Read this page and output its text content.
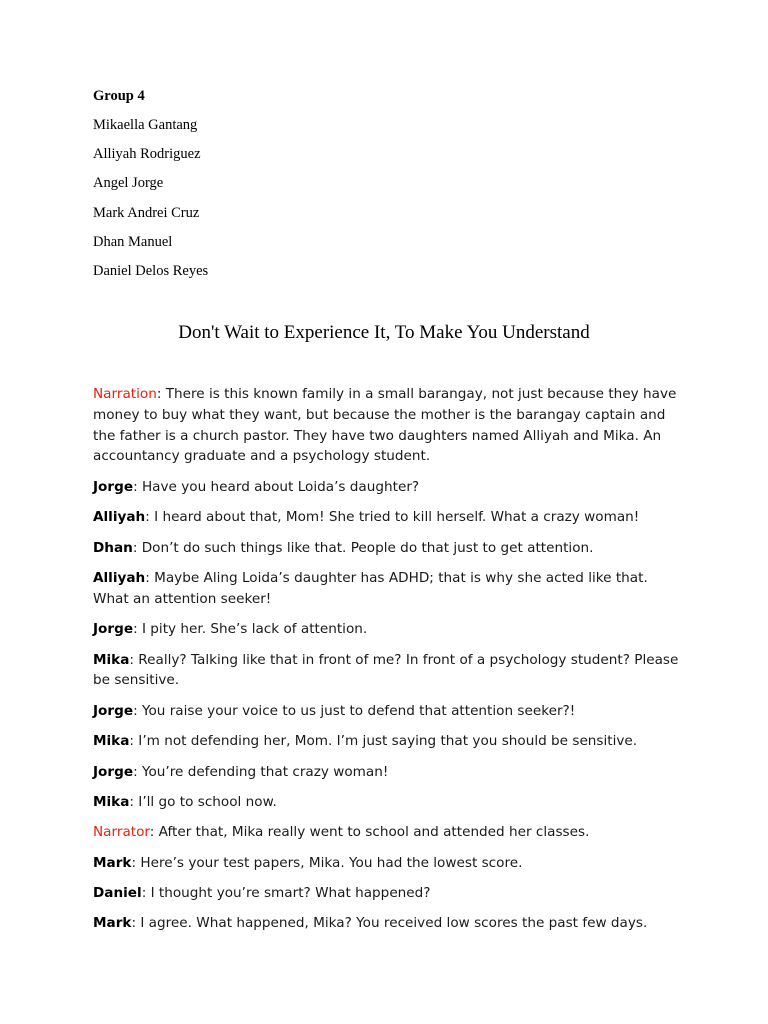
Group 4
Mikaella Gantang
Alliyah Rodriguez
Angel Jorge
Mark Andrei Cruz
Dhan Manuel
Daniel Delos Reyes
Don't Wait to Experience It, To Make You Understand

Narration: There is this known family in a small barangay, not just because they have money to buy what they want, but because the mother is the barangay captain and the father is a church pastor. They have two daughters named Alliyah and Mika. An accountancy graduate and a psychology student.

Jorge: Have you heard about Loida’s daughter?

Alliyah: I heard about that, Mom! She tried to kill herself. What a crazy woman!

Dhan: Don’t do such things like that. People do that just to get attention.

Alliyah: Maybe Aling Loida’s daughter has ADHD; that is why she acted like that. What an attention seeker!

Jorge: I pity her. She’s lack of attention.

Mika: Really? Talking like that in front of me? In front of a psychology student? Please be sensitive.

Jorge: You raise your voice to us just to defend that attention seeker?!

Mika: I’m not defending her, Mom. I’m just saying that you should be sensitive.

Jorge: You’re defending that crazy woman!

Mika: I’ll go to school now.

Narrator: After that, Mika really went to school and attended her classes.

Mark: Here’s your test papers, Mika. You had the lowest score.

Daniel: I thought you’re smart? What happened?

Mark: I agree. What happened, Mika? You received low scores the past few days.
